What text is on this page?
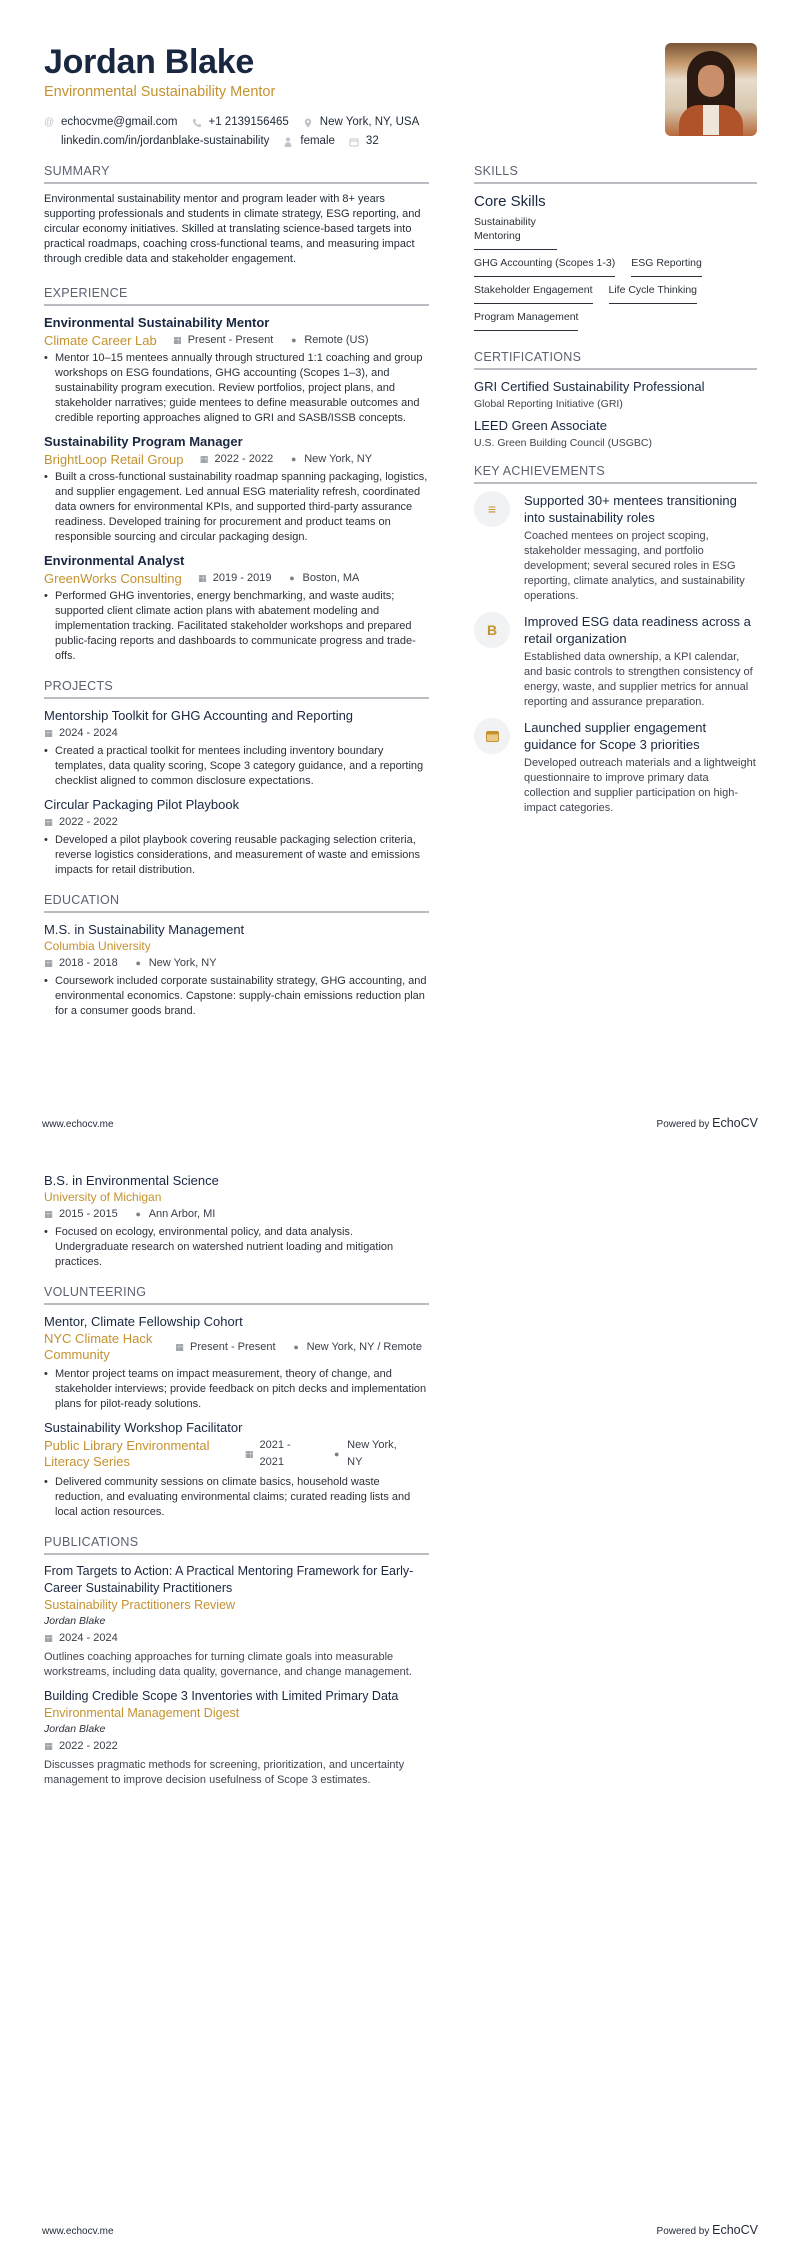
Jordan Blake
Environmental Sustainability Mentor
@ echocvme@gmail.com	+1 2139156465	New York, NY, USA
linkedin.com/in/jordanblake-sustainability	female	32
SUMMARY
Environmental sustainability mentor and program leader with 8+ years supporting professionals and students in climate strategy, ESG reporting, and circular economy initiatives. Skilled at translating science-based targets into practical roadmaps, coaching cross-functional teams, and measuring impact through credible data and stakeholder engagement.
EXPERIENCE
Environmental Sustainability Mentor
Climate Career Lab ▦ Present - Present ● Remote (US)
• Mentor 10–15 mentees annually through structured 1:1 coaching and group workshops on ESG foundations, GHG accounting (Scopes 1–3), and sustainability program execution. Review portfolios, project plans, and stakeholder narratives; guide mentees to define measurable outcomes and credible reporting approaches aligned to GRI and SASB/ISSB concepts.
Sustainability Program Manager
BrightLoop Retail Group ▦ 2022 - 2022 ● New York, NY
• Built a cross-functional sustainability roadmap spanning packaging, logistics, and supplier engagement. Led annual ESG materiality refresh, coordinated data owners for environmental KPIs, and supported third-party assurance readiness. Developed training for procurement and product teams on responsible sourcing and circular packaging design.
Environmental Analyst
GreenWorks Consulting ▦ 2019 - 2019 ● Boston, MA
• Performed GHG inventories, energy benchmarking, and waste audits; supported client climate action plans with abatement modeling and implementation tracking. Facilitated stakeholder workshops and prepared public-facing reports and dashboards to communicate progress and trade-offs.
PROJECTS
Mentorship Toolkit for GHG Accounting and Reporting
▦ 2024 - 2024
• Created a practical toolkit for mentees including inventory boundary templates, data quality scoring, Scope 3 category guidance, and a reporting checklist aligned to common disclosure expectations.
Circular Packaging Pilot Playbook
▦ 2022 - 2022
• Developed a pilot playbook covering reusable packaging selection criteria, reverse logistics considerations, and measurement of waste and emissions impacts for retail distribution.
EDUCATION
M.S. in Sustainability Management
Columbia University
▦ 2018 - 2018 ● New York, NY
• Coursework included corporate sustainability strategy, GHG accounting, and environmental economics. Capstone: supply-chain emissions reduction plan for a consumer goods brand.
SKILLS
Core Skills
Sustainability Mentoring
GHG Accounting (Scopes 1-3) ESG Reporting
Stakeholder Engagement Life Cycle Thinking
Program Management
CERTIFICATIONS
GRI Certified Sustainability Professional
Global Reporting Initiative (GRI)
LEED Green Associate
U.S. Green Building Council (USGBC)
KEY ACHIEVEMENTS
≡
Supported 30+ mentees transitioning into sustainability roles
Coached mentees on project scoping, stakeholder messaging, and portfolio development; several secured roles in ESG reporting, climate analytics, and sustainability operations.
B
Improved ESG data readiness across a retail organization
Established data ownership, a KPI calendar, and basic controls to strengthen consistency of energy, waste, and supplier metrics for annual reporting and assurance preparation.
Launched supplier engagement guidance for Scope 3 priorities
Developed outreach materials and a lightweight questionnaire to improve primary data collection and supplier participation on high-impact categories.
www.echocv.me	Powered by EchoCV
B.S. in Environmental Science
University of Michigan
▦ 2015 - 2015 ● Ann Arbor, MI
• Focused on ecology, environmental policy, and data analysis. Undergraduate research on watershed nutrient loading and mitigation practices.
VOLUNTEERING
Mentor, Climate Fellowship Cohort
NYC Climate Hack Community
▦ Present - Present ● New York, NY / Remote
• Mentor project teams on impact measurement, theory of change, and stakeholder interviews; provide feedback on pitch decks and implementation plans for pilot-ready solutions.
Sustainability Workshop Facilitator
Public Library Environmental Literacy Series
▦
2021 - 2021
●
New York, NY
• Delivered community sessions on climate basics, household waste reduction, and evaluating environmental claims; curated reading lists and local action resources.
PUBLICATIONS
From Targets to Action: A Practical Mentoring Framework for Early-Career Sustainability Practitioners
Sustainability Practitioners Review
Jordan Blake
▦ 2024 - 2024
Outlines coaching approaches for turning climate goals into measurable workstreams, including data quality, governance, and change management.
Building Credible Scope 3 Inventories with Limited Primary Data
Environmental Management Digest
Jordan Blake
▦ 2022 - 2022
Discusses pragmatic methods for screening, prioritization, and uncertainty management to improve decision usefulness of Scope 3 estimates.
www.echocv.me	Powered by EchoCV
